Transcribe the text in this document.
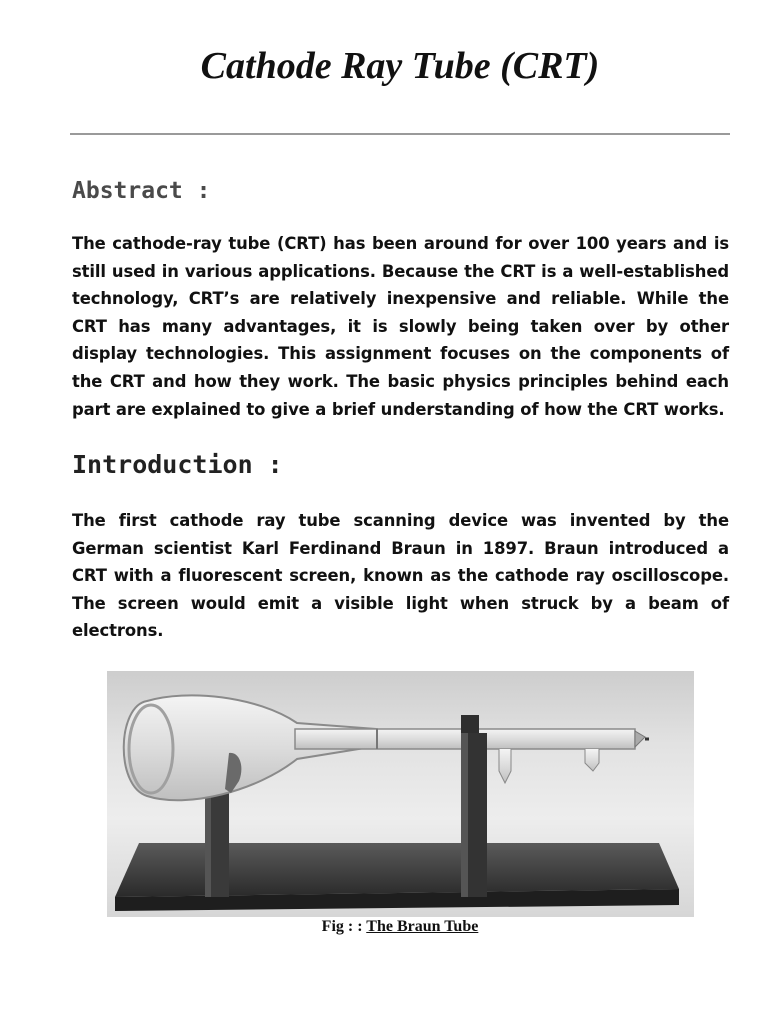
Cathode Ray Tube (CRT)
Abstract :

The cathode-ray tube (CRT) has been around for over 100 years and is still used in various applications. Because the CRT is a well-established technology, CRT’s are relatively inexpensive and reliable. While the CRT has many advantages, it is slowly being taken over by other display technologies. This assignment focuses on the components of the CRT and how they work. The basic physics principles behind each part are explained to give a brief understanding of how the CRT works.

Introduction :

The first cathode ray tube scanning device was invented by the German scientist Karl Ferdinand Braun in 1897. Braun introduced a CRT with a fluorescent screen, known as the cathode ray oscilloscope. The screen would emit a visible light when struck by a beam of electrons.

Fig : : The Braun Tube
